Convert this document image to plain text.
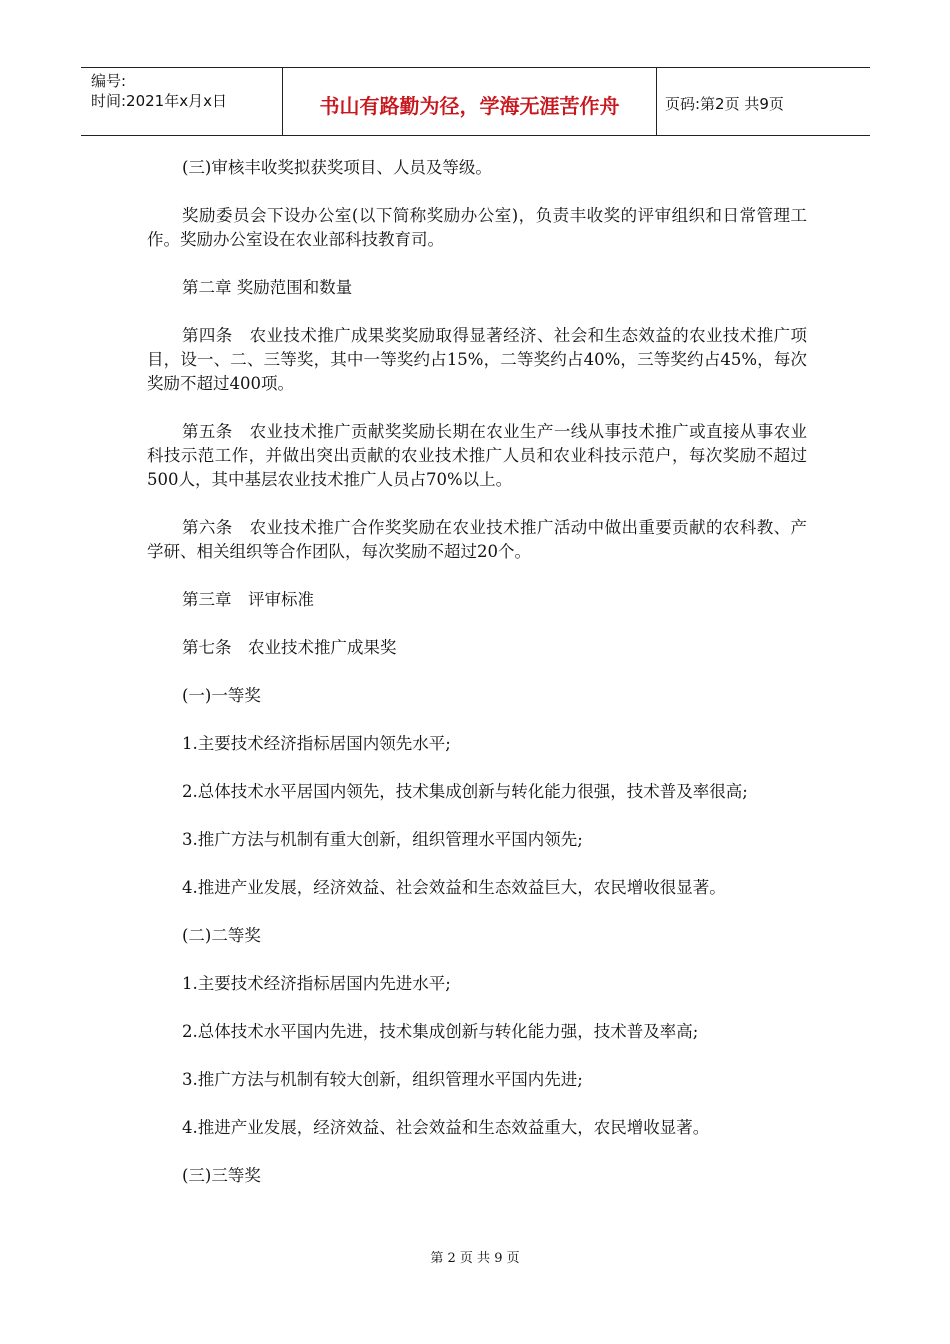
编号:
时间:2021年x月x日	书山有路勤为径，学海无涯苦作舟	页码:第2页 共9页

(三)审核丰收奖拟获奖项目、人员及等级。

奖励委员会下设办公室(以下简称奖励办公室)，负责丰收奖的评审组织和日常管理工作。奖励办公室设在农业部科技教育司。

第二章 奖励范围和数量

第四条　农业技术推广成果奖奖励取得显著经济、社会和生态效益的农业技术推广项目，设一、二、三等奖，其中一等奖约占15%，二等奖约占40%，三等奖约占45%，每次奖励不超过400项。

第五条　农业技术推广贡献奖奖励长期在农业生产一线从事技术推广或直接从事农业科技示范工作，并做出突出贡献的农业技术推广人员和农业科技示范户，每次奖励不超过500人，其中基层农业技术推广人员占70%以上。

第六条　农业技术推广合作奖奖励在农业技术推广活动中做出重要贡献的农科教、产学研、相关组织等合作团队，每次奖励不超过20个。

第三章　评审标准

第七条　农业技术推广成果奖

(一)一等奖

1.主要技术经济指标居国内领先水平;

2.总体技术水平居国内领先，技术集成创新与转化能力很强，技术普及率很高;

3.推广方法与机制有重大创新，组织管理水平国内领先;

4.推进产业发展，经济效益、社会效益和生态效益巨大，农民增收很显著。

(二)二等奖

1.主要技术经济指标居国内先进水平;

2.总体技术水平国内先进，技术集成创新与转化能力强，技术普及率高;

3.推广方法与机制有较大创新，组织管理水平国内先进;

4.推进产业发展，经济效益、社会效益和生态效益重大，农民增收显著。

(三)三等奖

第 2 页 共 9 页
